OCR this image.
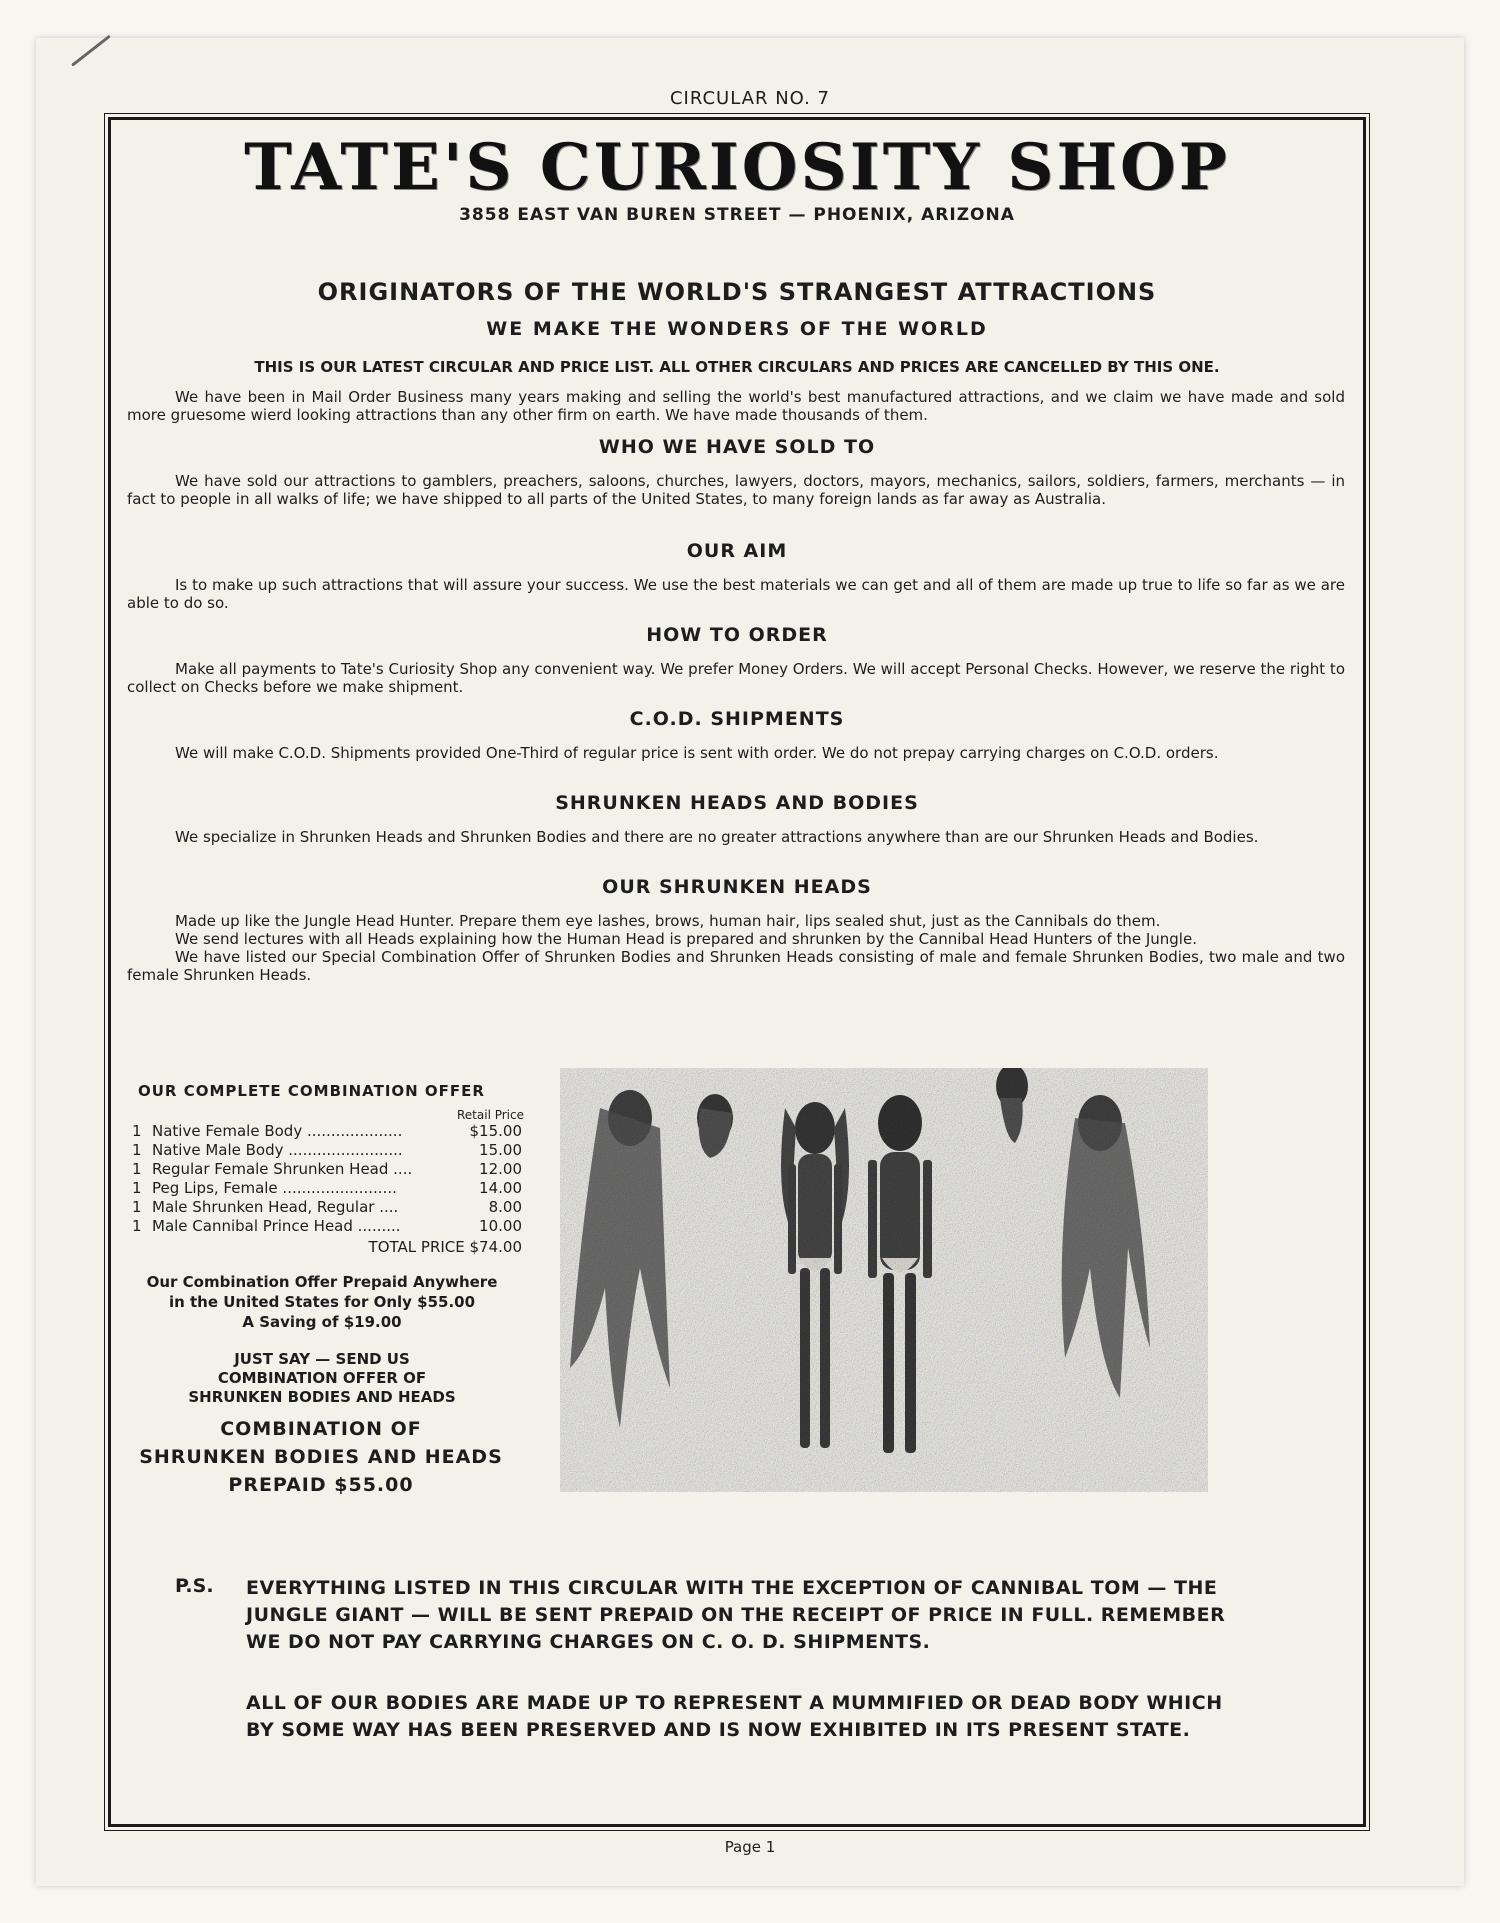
CIRCULAR NO. 7
TATE'S CURIOSITY SHOP
3858 EAST VAN BUREN STREET — PHOENIX, ARIZONA
ORIGINATORS OF THE WORLD'S STRANGEST ATTRACTIONS
WE MAKE THE WONDERS OF THE WORLD
THIS IS OUR LATEST CIRCULAR AND PRICE LIST. ALL OTHER CIRCULARS AND PRICES ARE CANCELLED BY THIS ONE.

We have been in Mail Order Business many years making and selling the world's best manufactured attractions, and we claim we have made and sold more gruesome wierd looking attractions than any other firm on earth. We have made thousands of them.

WHO WE HAVE SOLD TO

We have sold our attractions to gamblers, preachers, saloons, churches, lawyers, doctors, mayors, mechanics, sailors, soldiers, farmers, merchants — in fact to people in all walks of life; we have shipped to all parts of the United States, to many foreign lands as far away as Australia.

OUR AIM

Is to make up such attractions that will assure your success. We use the best materials we can get and all of them are made up true to life so far as we are able to do so.

HOW TO ORDER

Make all payments to Tate's Curiosity Shop any convenient way. We prefer Money Orders. We will accept Personal Checks. However, we reserve the right to collect on Checks before we make shipment.

C.O.D. SHIPMENTS

We will make C.O.D. Shipments provided One-Third of regular price is sent with order. We do not prepay carrying charges on C.O.D. orders.

SHRUNKEN HEADS AND BODIES

We specialize in Shrunken Heads and Shrunken Bodies and there are no greater attractions anywhere than are our Shrunken Heads and Bodies.

OUR SHRUNKEN HEADS

Made up like the Jungle Head Hunter. Prepare them eye lashes, brows, human hair, lips sealed shut, just as the Cannibals do them.

We send lectures with all Heads explaining how the Human Head is prepared and shrunken by the Cannibal Head Hunters of the Jungle.

We have listed our Special Combination Offer of Shrunken Bodies and Shrunken Heads consisting of male and female Shrunken Bodies, two male and two female Shrunken Heads.

OUR COMPLETE COMBINATION OFFER
Retail Price
1	Native Female Body ....................	$15.00
1	Native Male Body ........................	15.00
1	Regular Female Shrunken Head ....	12.00
1	Peg Lips, Female ........................	14.00
1	Male Shrunken Head, Regular ....	8.00
1	Male Cannibal Prince Head .........	10.00
TOTAL PRICE $74.00
Our Combination Offer Prepaid Anywhere
in the United States for Only $55.00
A Saving of $19.00
JUST SAY — SEND US
COMBINATION OFFER OF
SHRUNKEN BODIES AND HEADS
COMBINATION OF
SHRUNKEN BODIES AND HEADS
PREPAID $55.00
P.S. EVERYTHING LISTED IN THIS CIRCULAR WITH THE EXCEPTION OF CANNIBAL TOM — THE JUNGLE GIANT — WILL BE SENT PREPAID ON THE RECEIPT OF PRICE IN FULL. REMEMBER WE DO NOT PAY CARRYING CHARGES ON C. O. D. SHIPMENTS.
ALL OF OUR BODIES ARE MADE UP TO REPRESENT A MUMMIFIED OR DEAD BODY WHICH BY SOME WAY HAS BEEN PRESERVED AND IS NOW EXHIBITED IN ITS PRESENT STATE.
Page 1
